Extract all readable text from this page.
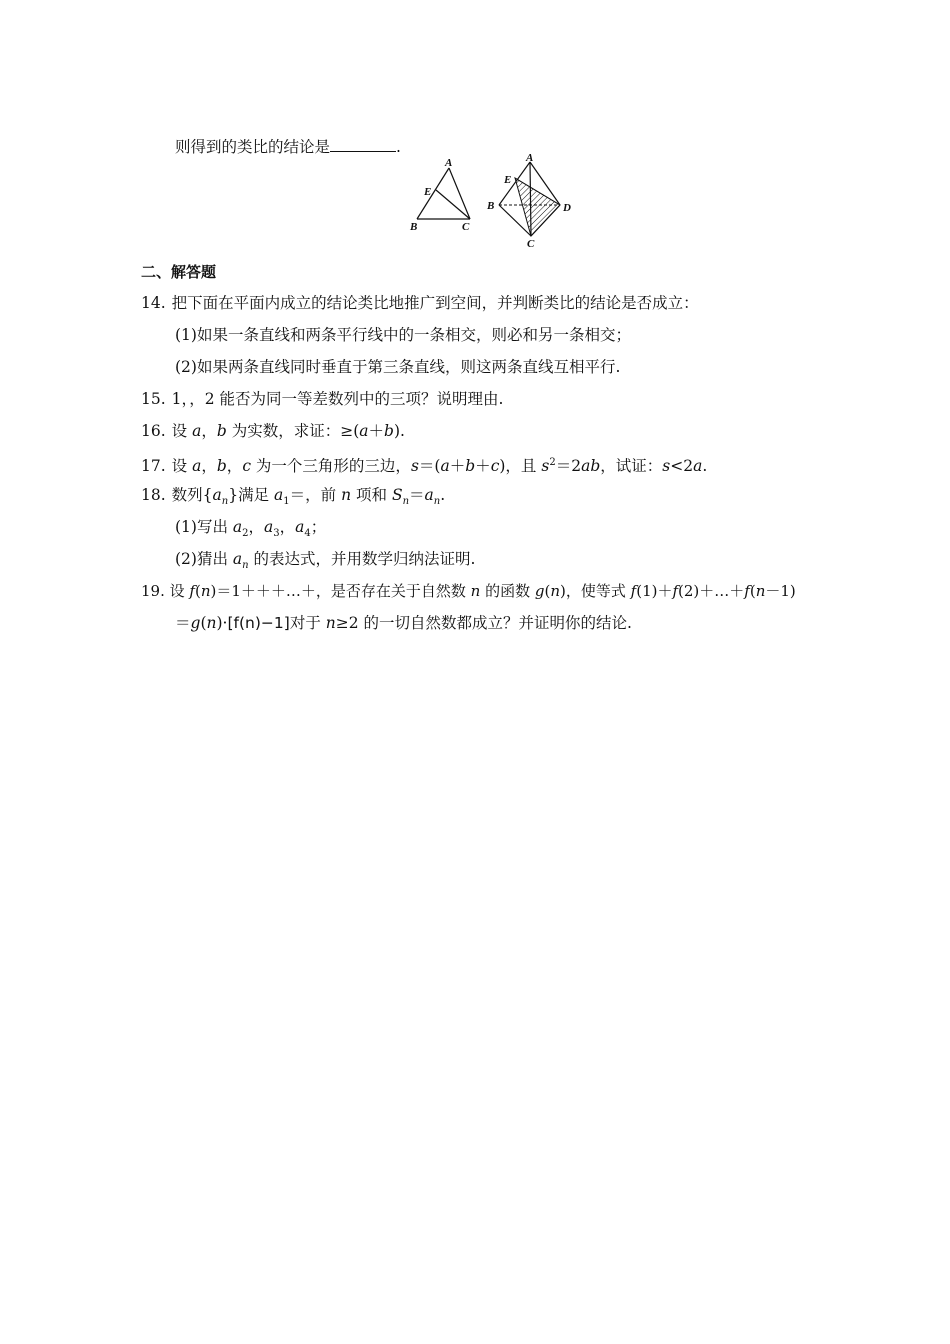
则得到的类比的结论是	.
A
E
B	C
A
E
B	D
C
二、解答题
14. 把下面在平面内成立的结论类比地推广到空间，并判断类比的结论是否成立：
(1)如果一条直线和两条平行线中的一条相交，则必和另一条相交；
(2)如果两条直线同时垂直于第三条直线，则这两条直线互相平行.
15. 1，，2 能否为同一等差数列中的三项？说明理由.
16. 设 a，b 为实数，求证：≥(a＋b).
17. 设 a，b，c 为一个三角形的三边，s＝(a＋b＋c)，且 $s^2=2ab$，试证：s<2a.
18. 数列$\{a_n\}$满足 $a_1=$，前 n 项和 $S_n=a_n$.
(1)写出 $a_2$，$a_3$，$a_4$；
(2)猜出 $a_n$ 的表达式，并用数学归纳法证明.
19. 设 f(n)＝1＋＋＋…＋，是否存在关于自然数 n 的函数 g(n)，使等式 f(1)＋f(2)＋…＋f(n－1)
＝g(n)·[f(n)−1]对于 n≥2 的一切自然数都成立？并证明你的结论.
